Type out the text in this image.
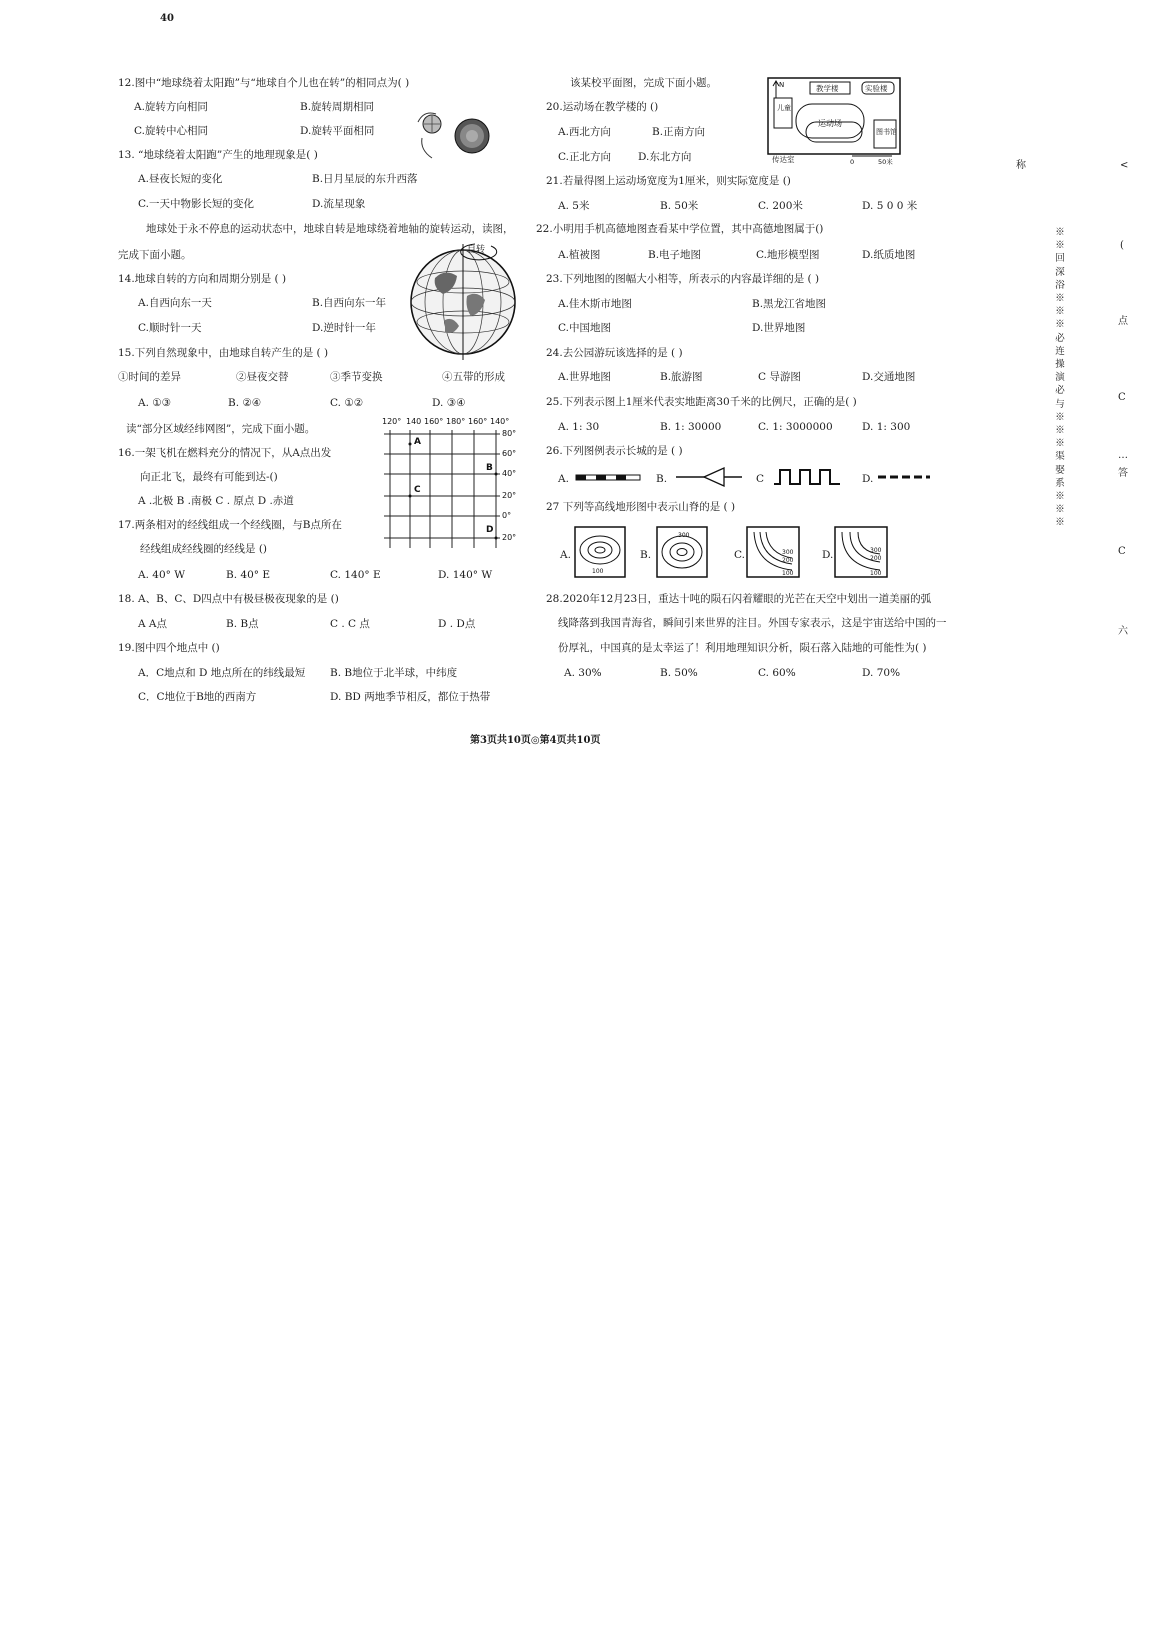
40
12.图中“地球绕着太阳跑”与“地球自个儿也在转”的相同点为( )
A.旋转方向相同	B.旋转周期相同
C.旋转中心相同	D.旋转平面相同
13. “地球绕着太阳跑”产生的地理现象是( )
A.昼夜长短的变化	B.日月星辰的东升西落
C.一天中物影长短的变化	D.流星现象
地球处于永不停息的运动状态中，地球自转是地球绕着地轴的旋转运动，读图，
完成下面小题。	自转
14.地球自转的方向和周期分别是 ( )
A.自西向东一天	B.自西向东一年
C.顺时针一天	D.逆时针一年
15.下列自然现象中，由地球自转产生的是 ( )
①时间的差异	②昼夜交替	③季节变换	④五带的形成
A. ①③	B. ②④	C. ①②	D. ③④
读“部分区域经纬网图”，完成下面小题。
120° 140 160° 180° 160° 140°
80°
60°
40°
20°
0°
20°
A
B
C
D
16.一架飞机在燃料充分的情况下，从A点出发
向正北飞，最终有可能到达-()
A .北极 B .南极 C . 原点 D .赤道
17.两条相对的经线组成一个经线圈，与B点所在
经线组成经线圈的经线是 ()
A. 40° W	B. 40° E	C. 140° E	D. 140° W
18. A、B、C、D四点中有极昼极夜现象的是 ()
A A点	B. B点	C . C 点	D . D点
19.图中四个地点中 ()
A．C地点和 D 地点所在的纬线最短 B. B地位于北半球，中纬度
C．C地位于B地的西南方	D. BD 两地季节相反，都位于热带
该某校平面图，完成下面小题。	N	教学楼	实验楼
儿童
运动场
图书馆
传达室	0	50米
20.运动场在教学楼的 ()
A.西北方向	B.正南方向
C.正北方向	D.东北方向
21.若量得图上运动场宽度为1厘米，则实际宽度是 ()
A. 5米	B. 50米	C. 200米	D. 5 0 0 米
22.小明用手机高德地图查看某中学位置，其中高德地图属于()
A.植被图	B.电子地图	C.地形模型图	D.纸质地图
23.下列地图的图幅大小相等，所表示的内容最详细的是 ( )
A.佳木斯市地图	B.黑龙江省地图
C.中国地图	D.世界地图
24.去公园游玩该选择的是 ( )
A.世界地图	B.旅游图	C 导游图	D.交通地图
25.下列表示图上1厘米代表实地距离30千米的比例尺，正确的是( )
A. 1: 30	B. 1: 30000	C. 1: 3000000	D. 1: 300
26.下列图例表示长城的是 ( )
A.	B.	C	D.
27 下列等高线地形图中表示山脊的是 ( )
A.
100
B.
300
C.	300
200
100
D.	300
200
100
28.2020年12月23日，重达十吨的陨石闪着耀眼的光芒在天空中划出一道美丽的弧
线降落到我国青海省，瞬间引来世界的注目。外国专家表示，这是宇宙送给中国的一
份厚礼，中国真的是太幸运了！利用地理知识分析，陨石落入陆地的可能性为( )
A. 30%	B. 50%	C. 60%	D. 70%
第3页共10页◎第4页共10页
称
※※回深浴※※※必连操演必与※※※渠娶系※※※
<
(
点
C
…
答
C
六
